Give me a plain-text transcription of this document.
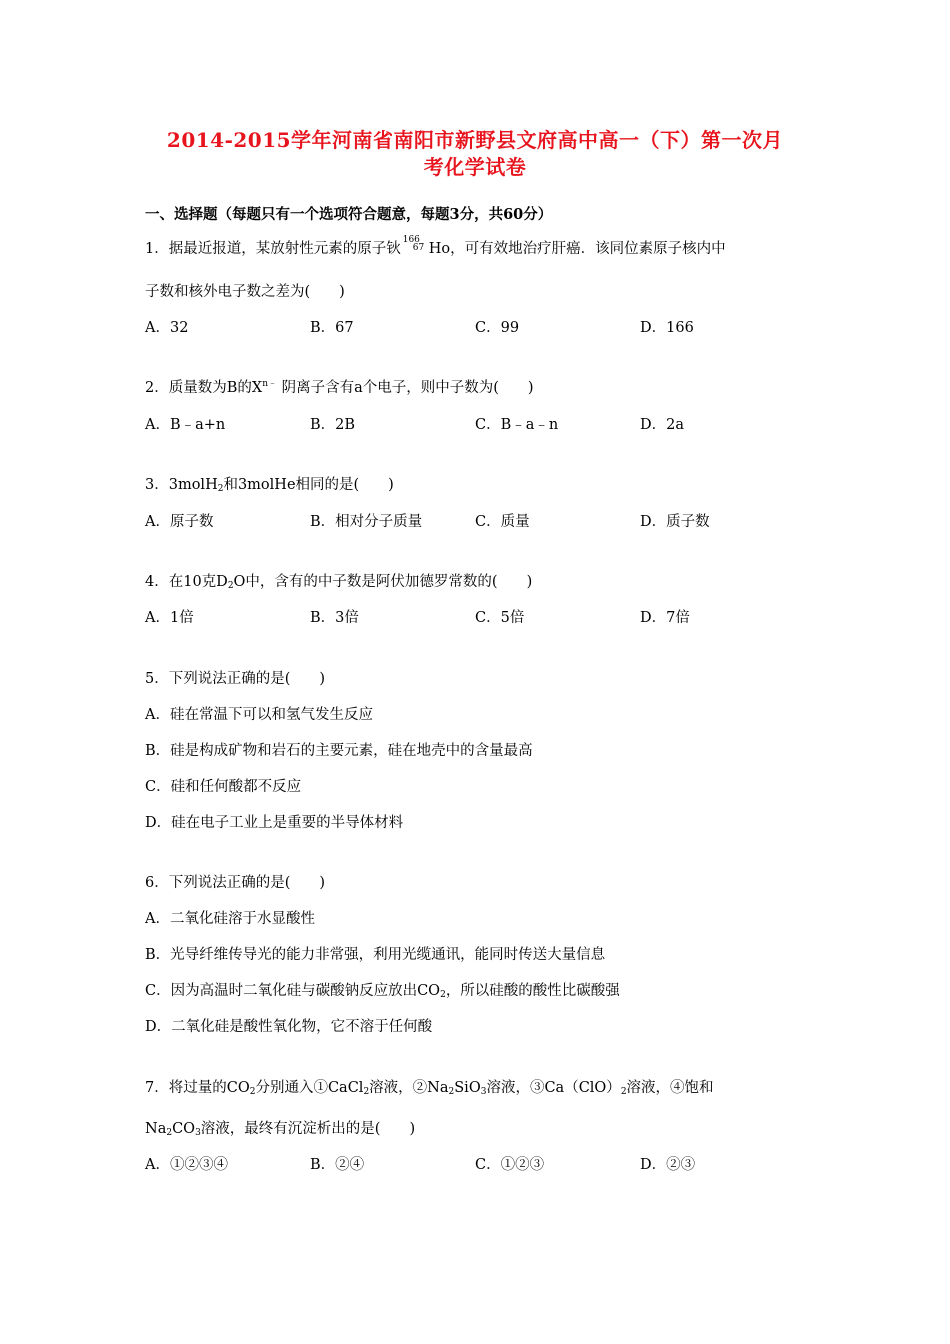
2014-2015学年河南省南阳市新野县文府高中高一（下）第一次月
考化学试卷
一、选择题（每题只有一个选项符合题意，每题3分，共60分）
1．据最近报道，某放射性元素的原子钬
166
67 Ho，可有效地治疗肝癌．该同位素原子核内中
子数和核外电子数之差为(　　)
A．32	B．67	C．99	D．166
2．质量数为B的$X^{n﹣}$ 阴离子含有a个电子，则中子数为(　　)
A．B﹣a+n	B．2B	C．B﹣a﹣n	D．2a
3．3molH$_2$和3molHe相同的是(　　)
A．原子数	B．相对分子质量	C．质量	D．质子数
4．在10克$D_2O$中，含有的中子数是阿伏加德罗常数的(　　)
A．1倍	B．3倍	C．5倍	D．7倍
5．下列说法正确的是(　　)
A．硅在常温下可以和氢气发生反应
B．硅是构成矿物和岩石的主要元素，硅在地壳中的含量最高
C．硅和任何酸都不反应
D．硅在电子工业上是重要的半导体材料
6．下列说法正确的是(　　)
A．二氧化硅溶于水显酸性
B．光导纤维传导光的能力非常强，利用光缆通讯，能同时传送大量信息
C．因为高温时二氧化硅与碳酸钠反应放出$CO_2$，所以硅酸的酸性比碳酸强
D．二氧化硅是酸性氧化物，它不溶于任何酸
7．将过量的$CO_2$分别通入①CaCl$_2$溶液，$②Na_2SiO_3$溶液，$③Ca(ClO)_2$溶液，④饱和
$Na_2CO_3$溶液，最终有沉淀析出的是(　　)
A．①②③④	B．②④	C．①②③	D．②③
